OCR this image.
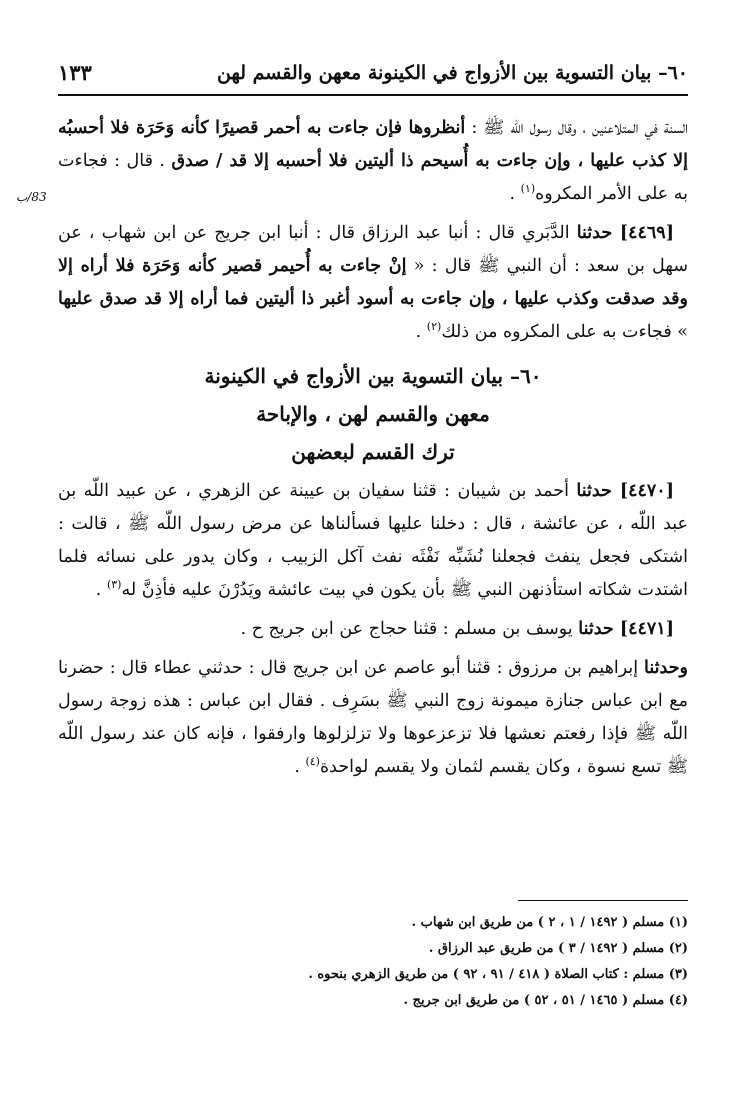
٦٠– بيان التسوية بين الأزواج في الكينونة معهن والقسم لهن
١٣٣
83/ب

السنة في المتلاعنين ، وقال رسول اللّه ﷺ : أنظروها فإن جاءت به أحمر قصيرًا كأنه وَحَرَة فلا أحسبُه إلا كذب عليها ، وإن جاءت به أُسيحم ذا أليتين فلا أحسبه إلا قد / صدق . قال : فجاءت به على الأمر المكروه$^{(١)}$ .

[٤٤٦٩] حدثنا الدَّبَري قال : أنبا عبد الرزاق قال : أنبا ابن جريج عن ابن شهاب ، عن سهل بن سعد : أن النبي ﷺ قال : « إنْ جاءت به أُحيمر قصير كأنه وَحَرَة فلا أراه إلا وقد صدقت وكذب عليها ، وإن جاءت به أسود أغبر ذا أليتين فما أراه إلا قد صدق عليها » فجاءت به على المكروه من ذلك$^{(٢)}$ .

٦٠– بيان التسوية بين الأزواج في الكينونة

معهن والقسم لهن ، والإباحة

ترك القسم لبعضهن

[٤٤٧٠] حدثنا أحمد بن شيبان : قثنا سفيان بن عيينة عن الزهري ، عن عبيد اللّه بن عبد اللّه ، عن عائشة ، قال : دخلنا عليها فسألناها عن مرض رسول اللّه ﷺ ، قالت : اشتكى فجعل ينفث فجعلنا نُشَبِّه نَفْثَه نفث آكل الزبيب ، وكان يدور على نسائه فلما اشتدت شكاته استأذنهن النبي ﷺ بأن يكون في بيت عائشة ويَدُرْنَ عليه فأذِنَّ له$^{(٣)}$ .

[٤٤٧١] حدثنا يوسف بن مسلم : قثنا حجاج عن ابن جريج ح .

وحدثنا إبراهيم بن مرزوق : قثنا أبو عاصم عن ابن جريج قال : حدثني عطاء قال : حضرنا مع ابن عباس جنازة ميمونة زوج النبي ﷺ بسَرِف . فقال ابن عباس : هذه زوجة رسول اللّه ﷺ فإذا رفعتم نعشها فلا تزعزعوها ولا تزلزلوها وارفقوا ، فإنه كان عند رسول اللّه ﷺ تسع نسوة ، وكان يقسم لثمان ولا يقسم لواحدة$^{(٤)}$ .

(١) مسلم ( ١٤٩٢ / ١ ، ٢ ) من طريق ابن شهاب .

(٢) مسلم ( ١٤٩٢ / ٣ ) من طريق عبد الرزاق .

(٣) مسلم : كتاب الصلاة ( ٤١٨ / ٩١ ، ٩٢ ) من طريق الزهري بنحوه .

(٤) مسلم ( ١٤٦٥ / ٥١ ، ٥٢ ) من طريق ابن جريج .
